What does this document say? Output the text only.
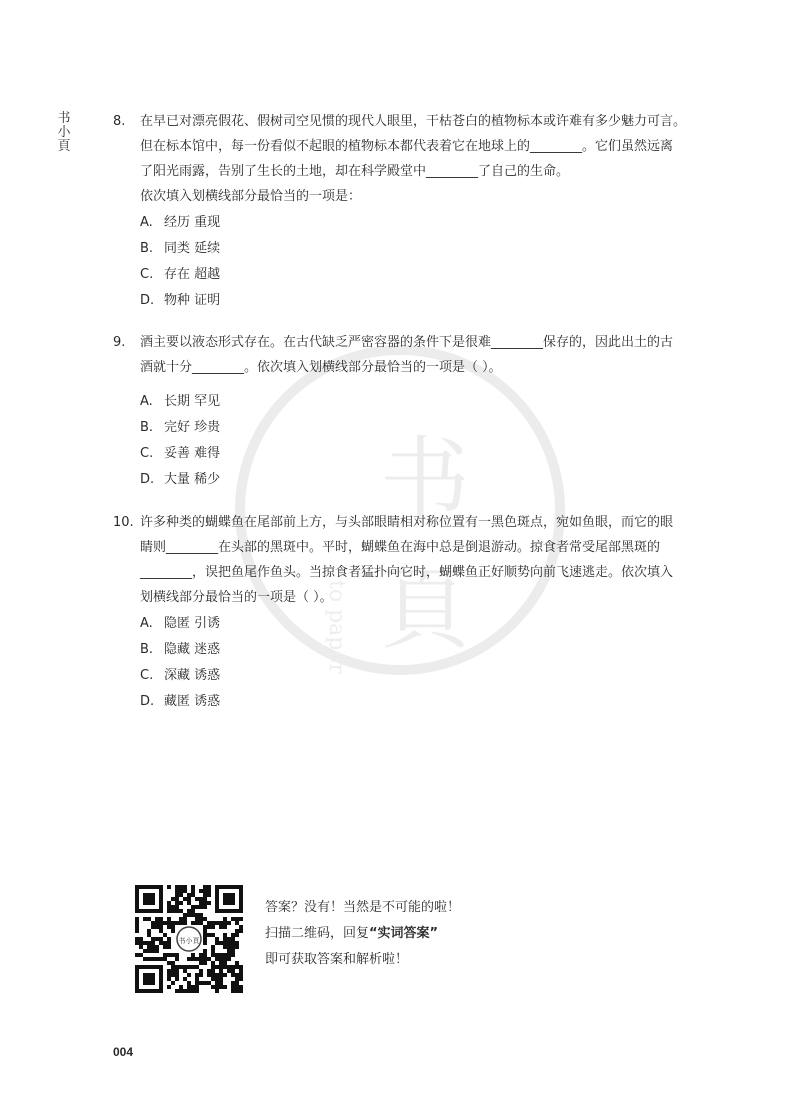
书
頁
to paper
书
小
頁
8. 在早已对漂亮假花、假树司空见惯的现代人眼里，干枯苍白的植物标本或许难有多少魅力可言。
但在标本馆中，每一份看似不起眼的植物标本都代表着它在地球上的________。它们虽然远离
了阳光雨露，告别了生长的土地，却在科学殿堂中________了自己的生命。
依次填入划横线部分最恰当的一项是：
A. 经历 重现
B. 同类 延续
C. 存在 超越
D. 物种 证明
9. 酒主要以液态形式存在。在古代缺乏严密容器的条件下是很难________保存的，因此出土的古
酒就十分________。依次填入划横线部分最恰当的一项是（ ）。
A. 长期 罕见
B. 完好 珍贵
C. 妥善 难得
D. 大量 稀少
10. 许多种类的蝴蝶鱼在尾部前上方，与头部眼睛相对称位置有一黑色斑点，宛如鱼眼，而它的眼
睛则________在头部的黑斑中。平时，蝴蝶鱼在海中总是倒退游动。掠食者常受尾部黑斑的
________，误把鱼尾作鱼头。当掠食者猛扑向它时，蝴蝶鱼正好顺势向前飞速逃走。依次填入
划横线部分最恰当的一项是（ ）。
A. 隐匿 引诱
B. 隐藏 迷惑
C. 深藏 诱惑
D. 藏匿 诱惑
书小頁
答案？没有！当然是不可能的啦！
扫描二维码，回复“实词答案”
即可获取答案和解析啦！
004
